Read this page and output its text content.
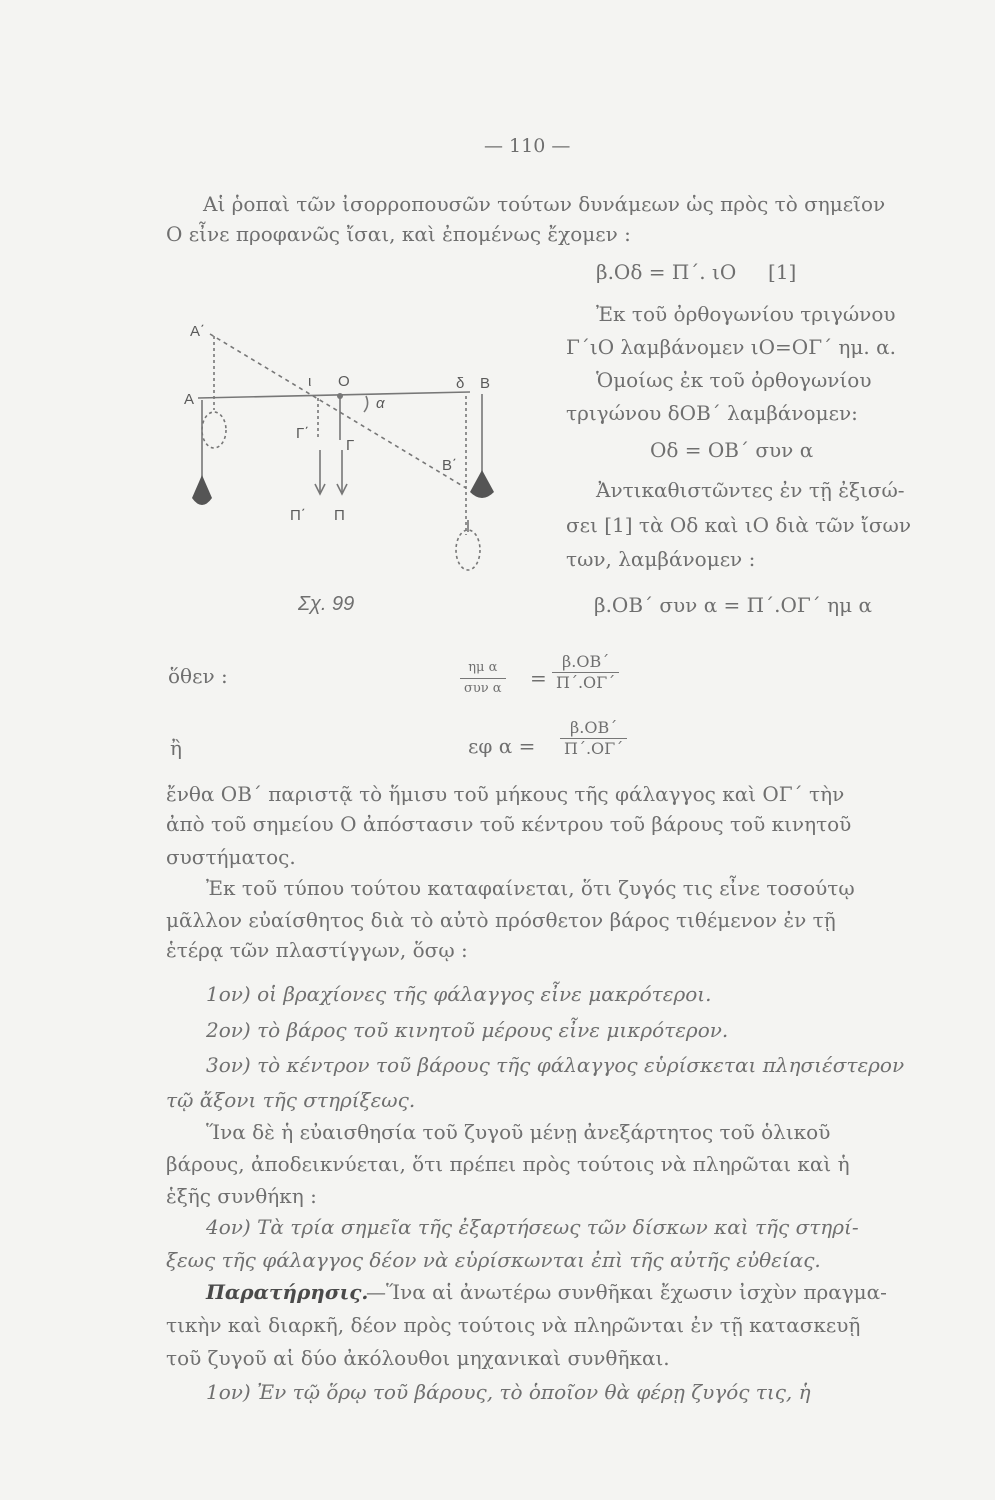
— 110 —
Αἱ ῥοπαὶ τῶν ἰσορροπουσῶν τούτων δυνάμεων ὡς πρὸς τὸ σημεῖον
Ο εἶνε προφανῶς ἴσαι, καὶ ἐπομένως ἔχομεν :
β.Οδ = Π΄. ιΟ     [1]
Ἐκ τοῦ ὀρθογωνίου τριγώνου
Γ΄ιΟ λαμβάνομεν ιΟ=ΟΓ΄ ημ. α.
Ὁμοίως ἐκ τοῦ ὀρθογωνίου
τριγώνου δΟΒ΄ λαμβάνομεν:
Οδ = ΟΒ΄ συν α
Ἀντικαθιστῶντες ἐν τῇ ἐξισώ-
σει [1] τὰ Οδ καὶ ιΟ διὰ τῶν ἴσων
των, λαμβάνομεν :
β.ΟΒ΄ συν α = Π΄.ΟΓ΄ ημ α
Α΄
Α
ι Ο
α
δ Β
Γ΄
Γ
Β΄
Π΄ Π
Σχ. 99
ὅθεν :	ημ α
συν $\alpha = \frac{\beta.OB΄}{\Pi΄.O\Gamma΄}$
ἢ	εφ $\alpha = \frac{\beta.OB΄}{\Pi΄.O\Gamma΄}$
ἔνθα ΟΒ΄ παριστᾷ τὸ ἥμισυ τοῦ μήκους τῆς φάλαγγος καὶ ΟΓ΄ τὴν
ἀπὸ τοῦ σημείου Ο ἀπόστασιν τοῦ κέντρου τοῦ βάρους τοῦ κινητοῦ
συστήματος.
Ἐκ τοῦ τύπου τούτου καταφαίνεται, ὅτι ζυγός τις εἶνε τοσούτῳ
μᾶλλον εὐαίσθητος διὰ τὸ αὐτὸ πρόσθετον βάρος τιθέμενον ἐν τῇ
ἑτέρᾳ τῶν πλαστίγγων, ὅσῳ :
1ον) οἱ βραχίονες τῆς φάλαγγος εἶνε μακρότεροι.
2ον) τὸ βάρος τοῦ κινητοῦ μέρους εἶνε μικρότερον.
3ον) τὸ κέντρον τοῦ βάρους τῆς φάλαγγος εὑρίσκεται πλησιέστερον
τῷ ἄξονι τῆς στηρίξεως.
Ἵνα δὲ ἡ εὐαισθησία τοῦ ζυγοῦ μένῃ ἀνεξάρτητος τοῦ ὁλικοῦ
βάρους, ἀποδεικνύεται, ὅτι πρέπει πρὸς τούτοις νὰ πληρῶται καὶ ἡ
ἑξῆς συνθήκη :
4ον) Τὰ τρία σημεῖα τῆς ἐξαρτήσεως τῶν δίσκων καὶ τῆς στηρί-
ξεως τῆς φάλαγγος δέον νὰ εὑρίσκωνται ἐπὶ τῆς αὐτῆς εὐθείας.
Παρατήρησις.
—Ἵνα αἱ ἀνωτέρω συνθῆκαι ἔχωσιν ἰσχὺν πραγμα-
τικὴν καὶ διαρκῆ, δέον πρὸς τούτοις νὰ πληρῶνται ἐν τῇ κατασκευῇ
τοῦ ζυγοῦ αἱ δύο ἀκόλουθοι μηχανικαὶ συνθῆκαι.
1ον) Ἐν τῷ ὅρῳ τοῦ βάρους, τὸ ὁποῖον θὰ φέρῃ ζυγός τις, ἡ
